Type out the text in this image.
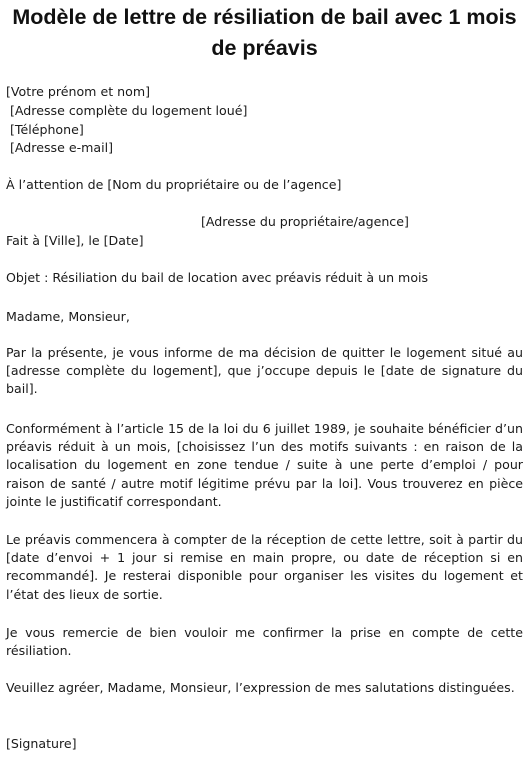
Modèle de lettre de résiliation de bail avec 1 mois de préavis

[Votre prénom et nom]

[Adresse complète du logement loué]

[Téléphone]

[Adresse e-mail]

À l’attention de [Nom du propriétaire ou de l’agence]

[Adresse du propriétaire/agence]

Fait à [Ville], le [Date]

Objet : Résiliation du bail de location avec préavis réduit à un mois

Madame, Monsieur,

Par la présente, je vous informe de ma décision de quitter le logement situé au [adresse complète du logement], que j’occupe depuis le [date de signature du bail].

Conformément à l’article 15 de la loi du 6 juillet 1989, je souhaite bénéficier d’un préavis réduit à un mois, [choisissez l’un des motifs suivants : en raison de la localisation du logement en zone tendue / suite à une perte d’emploi / pour raison de santé / autre motif légitime prévu par la loi]. Vous trouverez en pièce jointe le justificatif correspondant.

Le préavis commencera à compter de la réception de cette lettre, soit à partir du [date d’envoi + 1 jour si remise en main propre, ou date de réception si en recommandé]. Je resterai disponible pour organiser les visites du logement et l’état des lieux de sortie.

Je vous remercie de bien vouloir me confirmer la prise en compte de cette résiliation.

Veuillez agréer, Madame, Monsieur, l’expression de mes salutations distinguées.

[Signature]
